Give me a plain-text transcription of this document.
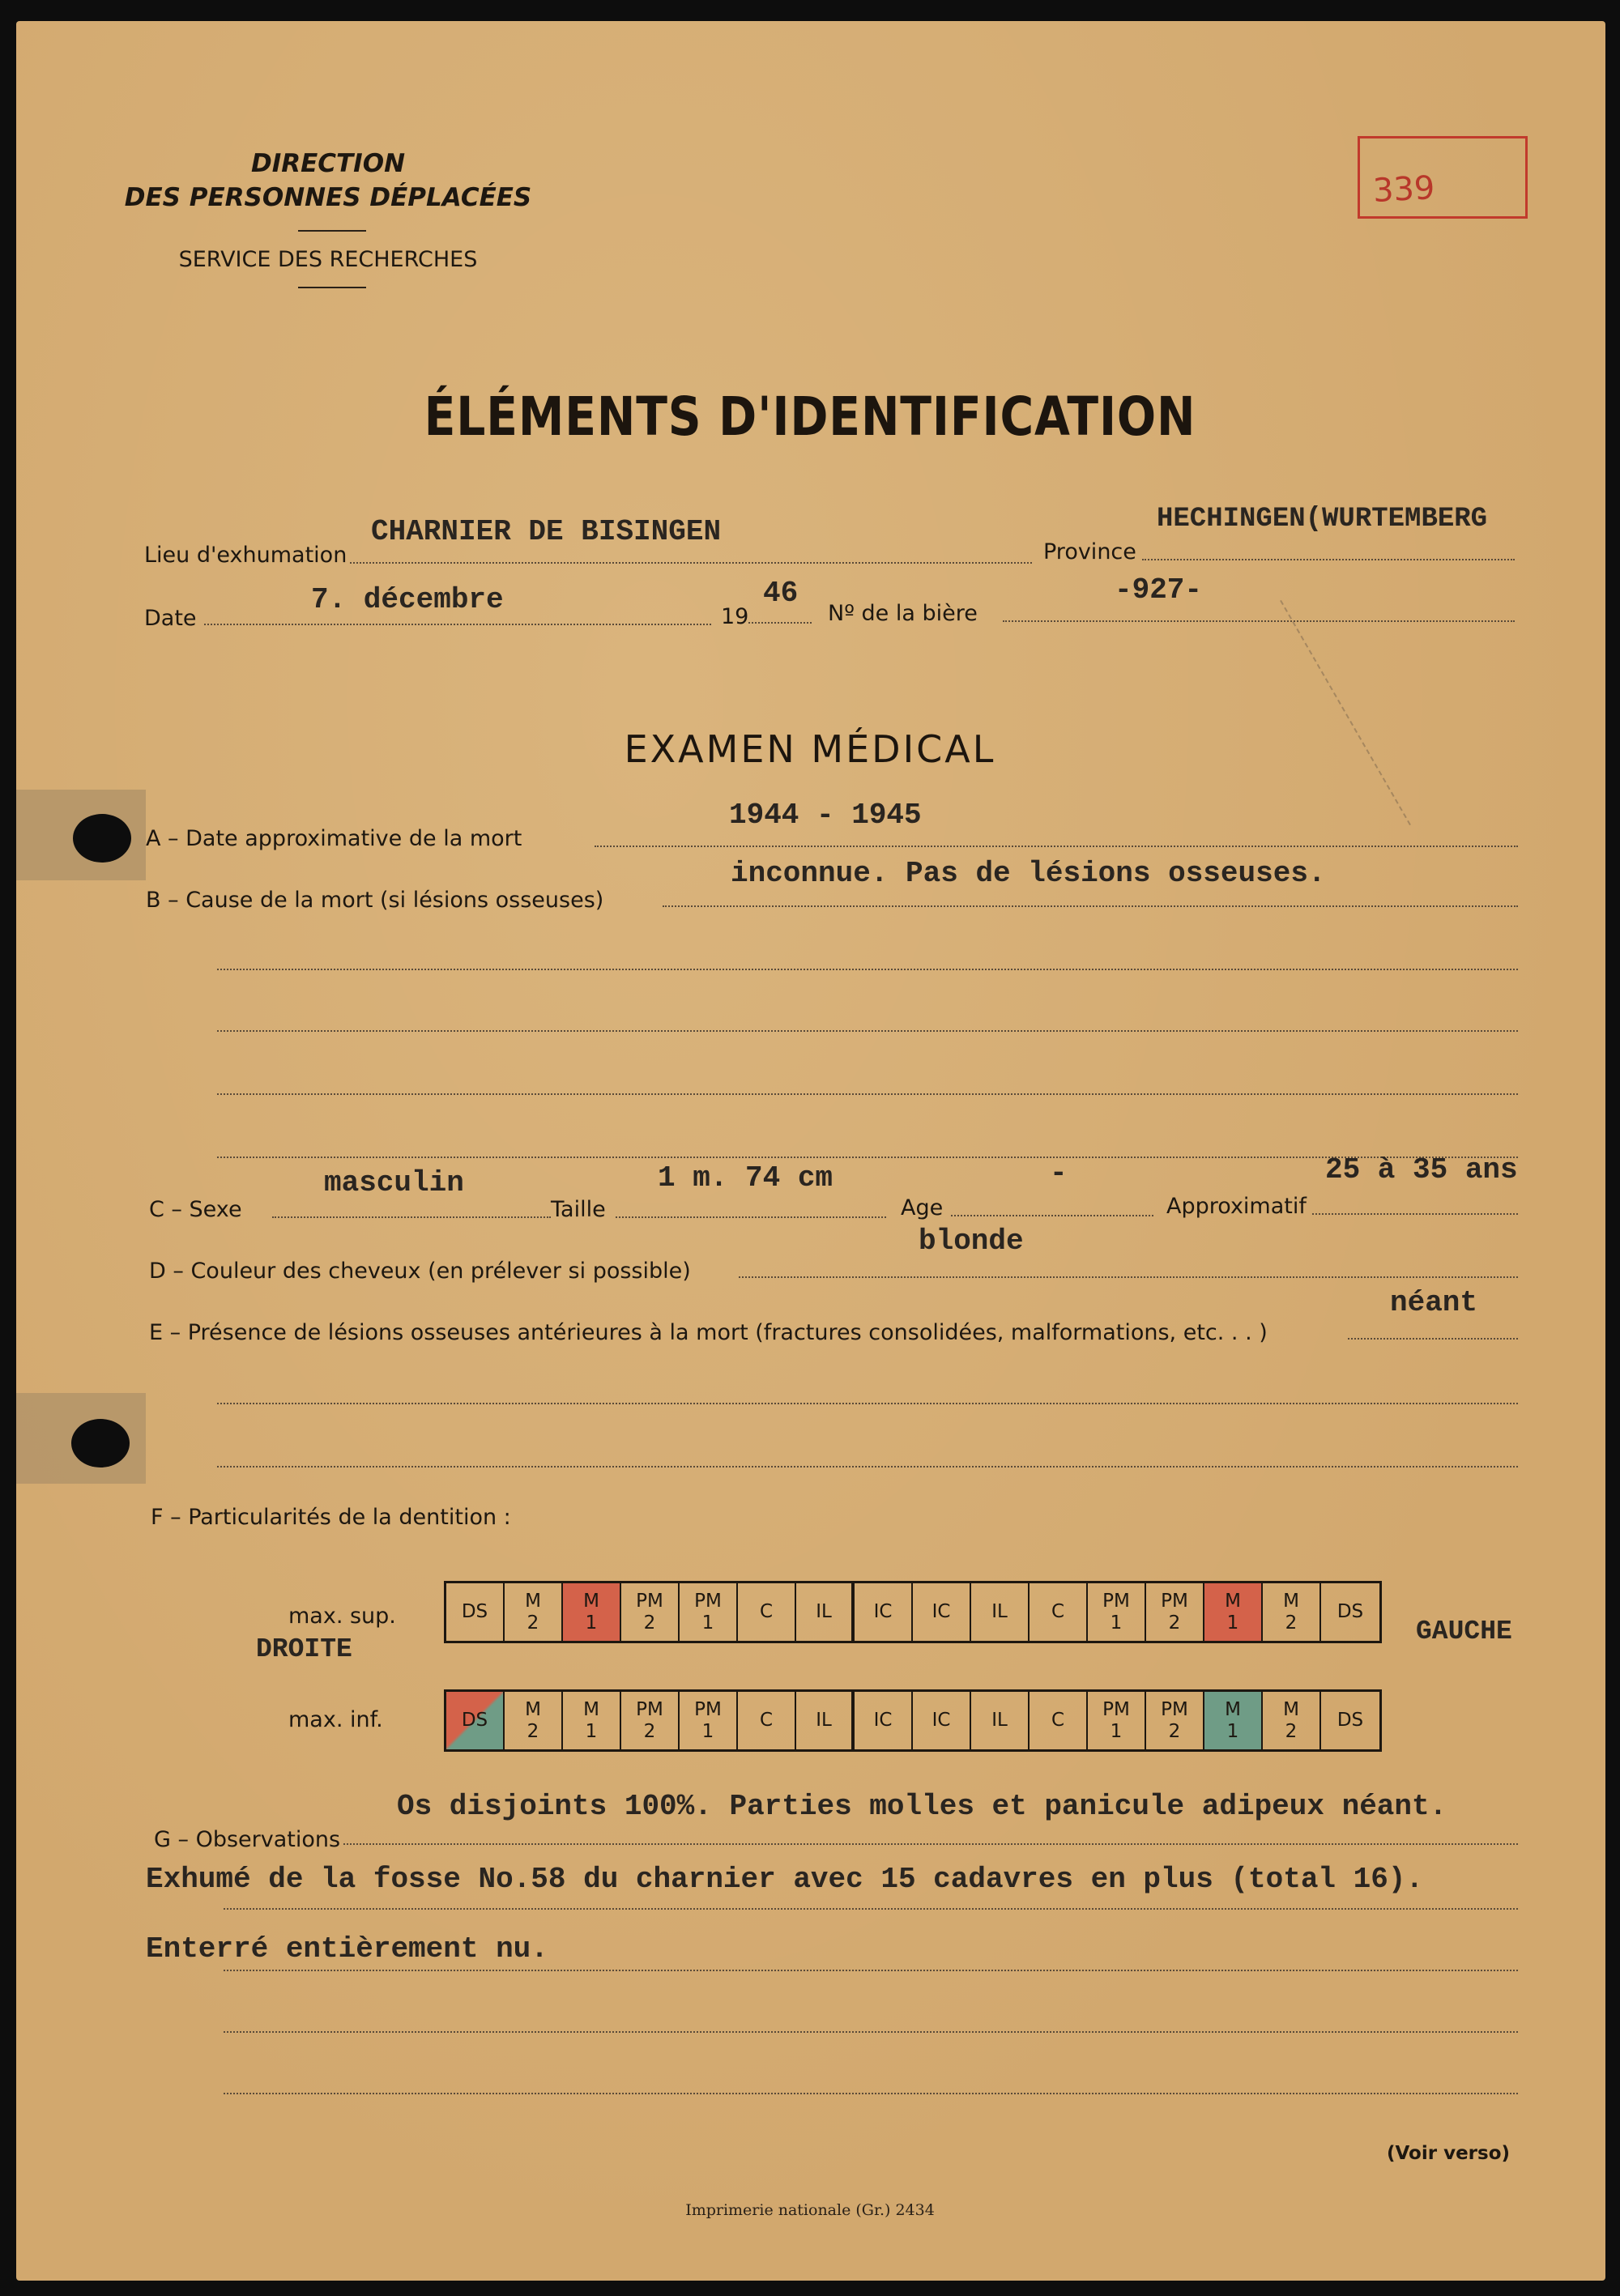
DIRECTION
DES PERSONNES DÉPLACÉES
SERVICE DES RECHERCHES
339
ÉLÉMENTS D'IDENTIFICATION
Lieu d'exhumation
CHARNIER DE BISINGEN
Province
HECHINGEN(WURTEMBERG
Date
7. décembre
19
46
Nº de la bière
-927-
EXAMEN MÉDICAL
A – Date approximative de la mort
1944 - 1945
B – Cause de la mort (si lésions osseuses)
inconnue. Pas de lésions osseuses.
C – Sexe
masculin
Taille
1 m. 74 cm
Age
-
Approximatif
25 à 35 ans
D – Couleur des cheveux (en prélever si possible)
blonde
E – Présence de lésions osseuses antérieures à la mort (fractures consolidées, malformations, etc. . . )
néant
F – Particularités de la dentition :
max. sup.
DROITE
DS
M
2
M
1
PM
2
PM
1
C IL IC IC IL C
PM
1
PM
2
M
1
M
2
DS
GAUCHE
max. inf.	DS
M
2
M
1
PM
2
PM
1
C IL IC IC IL C
PM
1
PM
2
M
1
M
2
DS
G – Observations
Os disjoints 100%. Parties molles et panicule adipeux néant.
Exhumé de la fosse No.58 du charnier avec 15 cadavres en plus (total 16).
Enterré entièrement nu.
(Voir verso)
Imprimerie nationale (Gr.) 2434
